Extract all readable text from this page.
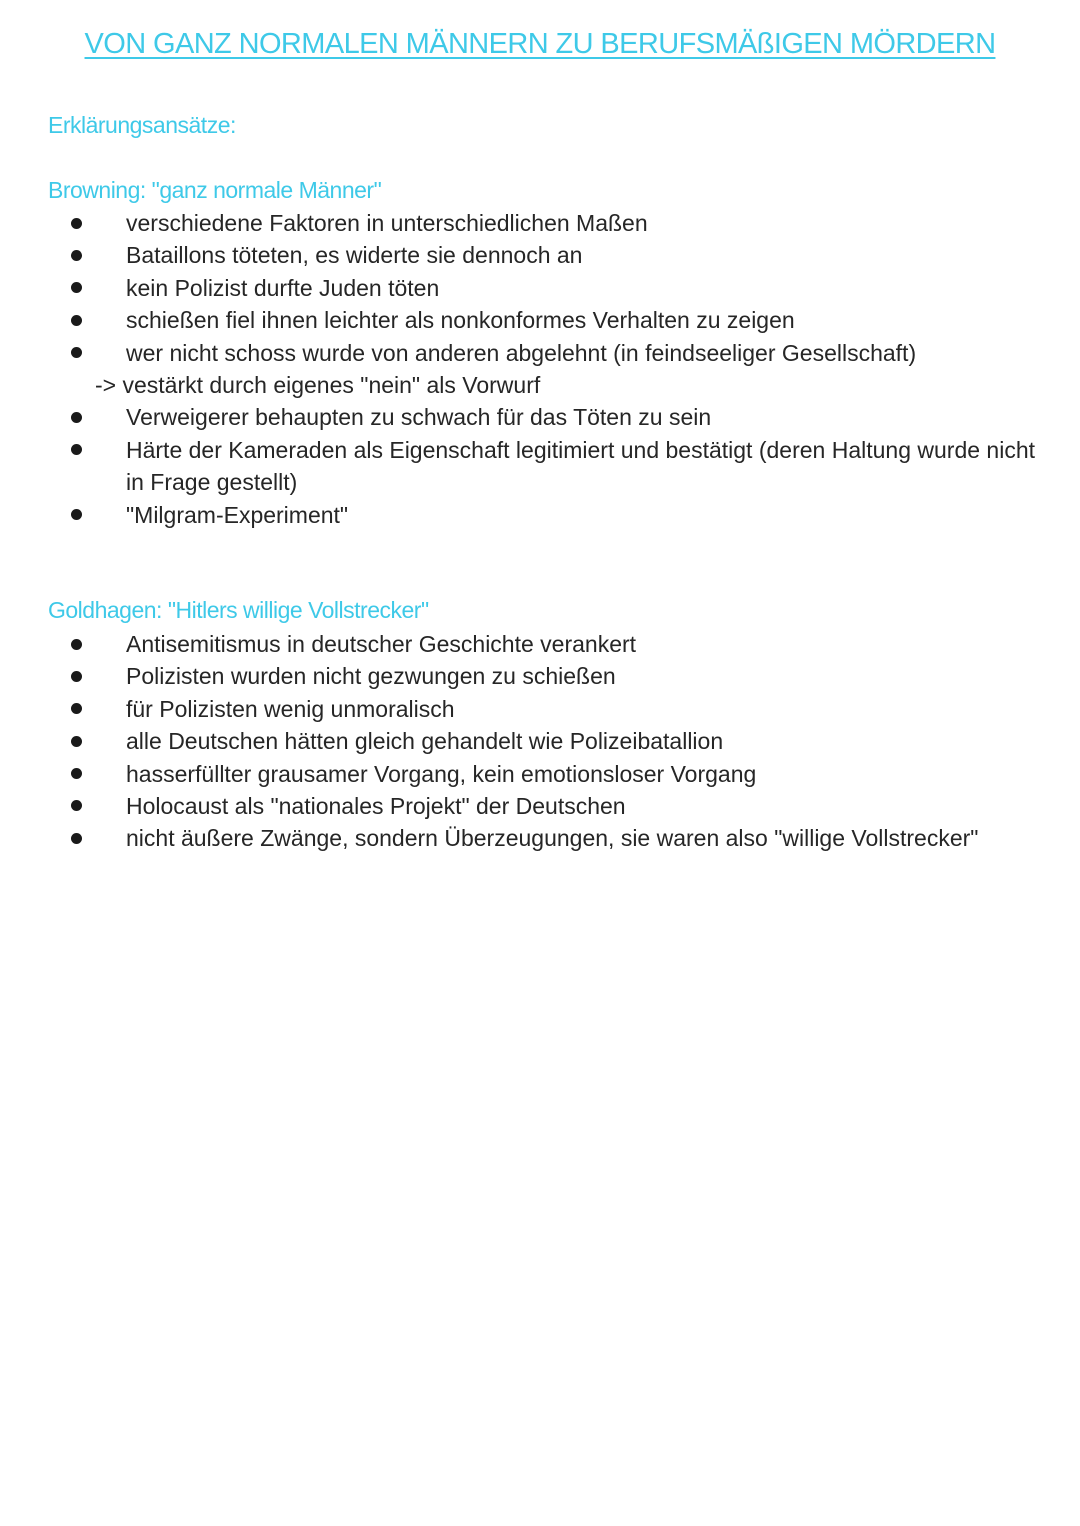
VON GANZ NORMALEN MÄNNERN ZU BERUFSMÄßIGEN MÖRDERN
Erklärungsansätze:
Browning: "ganz normale Männer"
verschiedene Faktoren in unterschiedlichen Maßen
Bataillons töteten, es widerte sie dennoch an
kein Polizist durfte Juden töten
schießen fiel ihnen leichter als nonkonformes Verhalten zu zeigen
wer nicht schoss wurde von anderen abgelehnt (in feindseeliger Gesellschaft)
-> vestärkt durch eigenes "nein" als Vorwurf
Verweigerer behaupten zu schwach für das Töten zu sein
Härte der Kameraden als Eigenschaft legitimiert und bestätigt (deren Haltung wurde nicht in Frage gestellt)
"Milgram-Experiment"
Goldhagen: "Hitlers willige Vollstrecker"
Antisemitismus in deutscher Geschichte verankert
Polizisten wurden nicht gezwungen zu schießen
für Polizisten wenig unmoralisch
alle Deutschen hätten gleich gehandelt wie Polizeibatallion
hasserfüllter grausamer Vorgang, kein emotionsloser Vorgang
Holocaust als "nationales Projekt" der Deutschen
nicht äußere Zwänge, sondern Überzeugungen, sie waren also "willige Vollstrecker"
